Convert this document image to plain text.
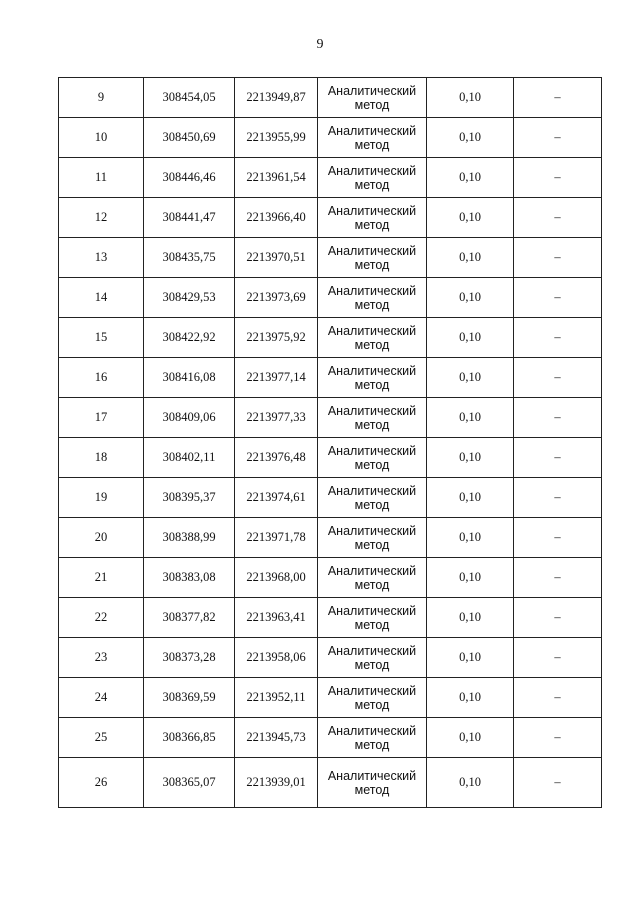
9
9	308454,05	2213949,87	Аналитический
метод	0,10	–
10	308450,69	2213955,99	Аналитический
метод	0,10	–
11	308446,46	2213961,54	Аналитический
метод	0,10	–
12	308441,47	2213966,40	Аналитический
метод	0,10	–
13	308435,75	2213970,51	Аналитический
метод	0,10	–
14	308429,53	2213973,69	Аналитический
метод	0,10	–
15	308422,92	2213975,92	Аналитический
метод	0,10	–
16	308416,08	2213977,14	Аналитический
метод	0,10	–
17	308409,06	2213977,33	Аналитический
метод	0,10	–
18	308402,11	2213976,48	Аналитический
метод	0,10	–
19	308395,37	2213974,61	Аналитический
метод	0,10	–
20	308388,99	2213971,78	Аналитический
метод	0,10	–
21	308383,08	2213968,00	Аналитический
метод	0,10	–
22	308377,82	2213963,41	Аналитический
метод	0,10	–
23	308373,28	2213958,06	Аналитический
метод	0,10	–
24	308369,59	2213952,11	Аналитический
метод	0,10	–
25	308366,85	2213945,73	Аналитический
метод	0,10	–
26	308365,07	2213939,01	Аналитический
метод	0,10	–
